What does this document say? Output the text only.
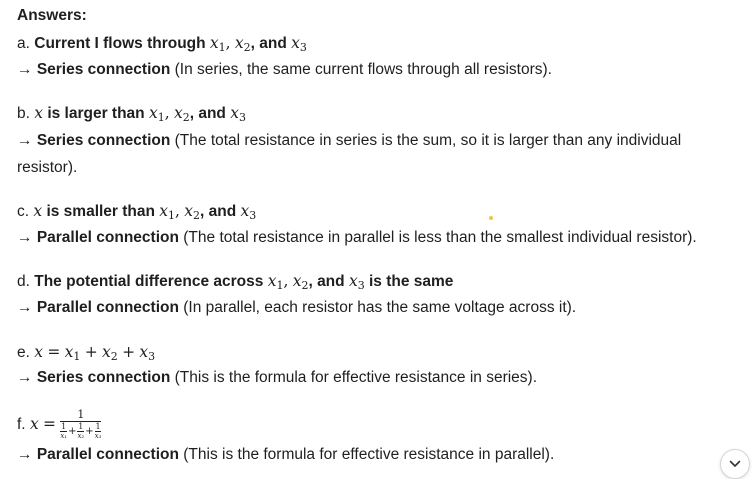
Answers:
a. Current I flows through $x_1$, $x_2$, and $x_3$
→ Series connection (In series, the same current flows through all resistors).
b. x is larger than $x_1$, $x_2$, and $x_3$
→ Series connection (The total resistance in series is the sum, so it is larger than any individual resistor).
c. x is smaller than $x_1$, $x_2$, and $x_3$
→ Parallel connection (The total resistance in parallel is less than the smallest individual resistor).
d. The potential difference across $x_1$, $x_2$, and $x_3$ is the same
→ Parallel connection (In parallel, each resistor has the same voltage across it).
e. $x = x_1 + x_2 + x_3$
→ Series connection (This is the formula for effective resistance in series).
f. $x = \frac{1}{\frac{1}{\text{x₁}} + \frac{1}{\text{x₂}} + \frac{1}{\text{x₃}}}$
→ Parallel connection (This is the formula for effective resistance in parallel).
